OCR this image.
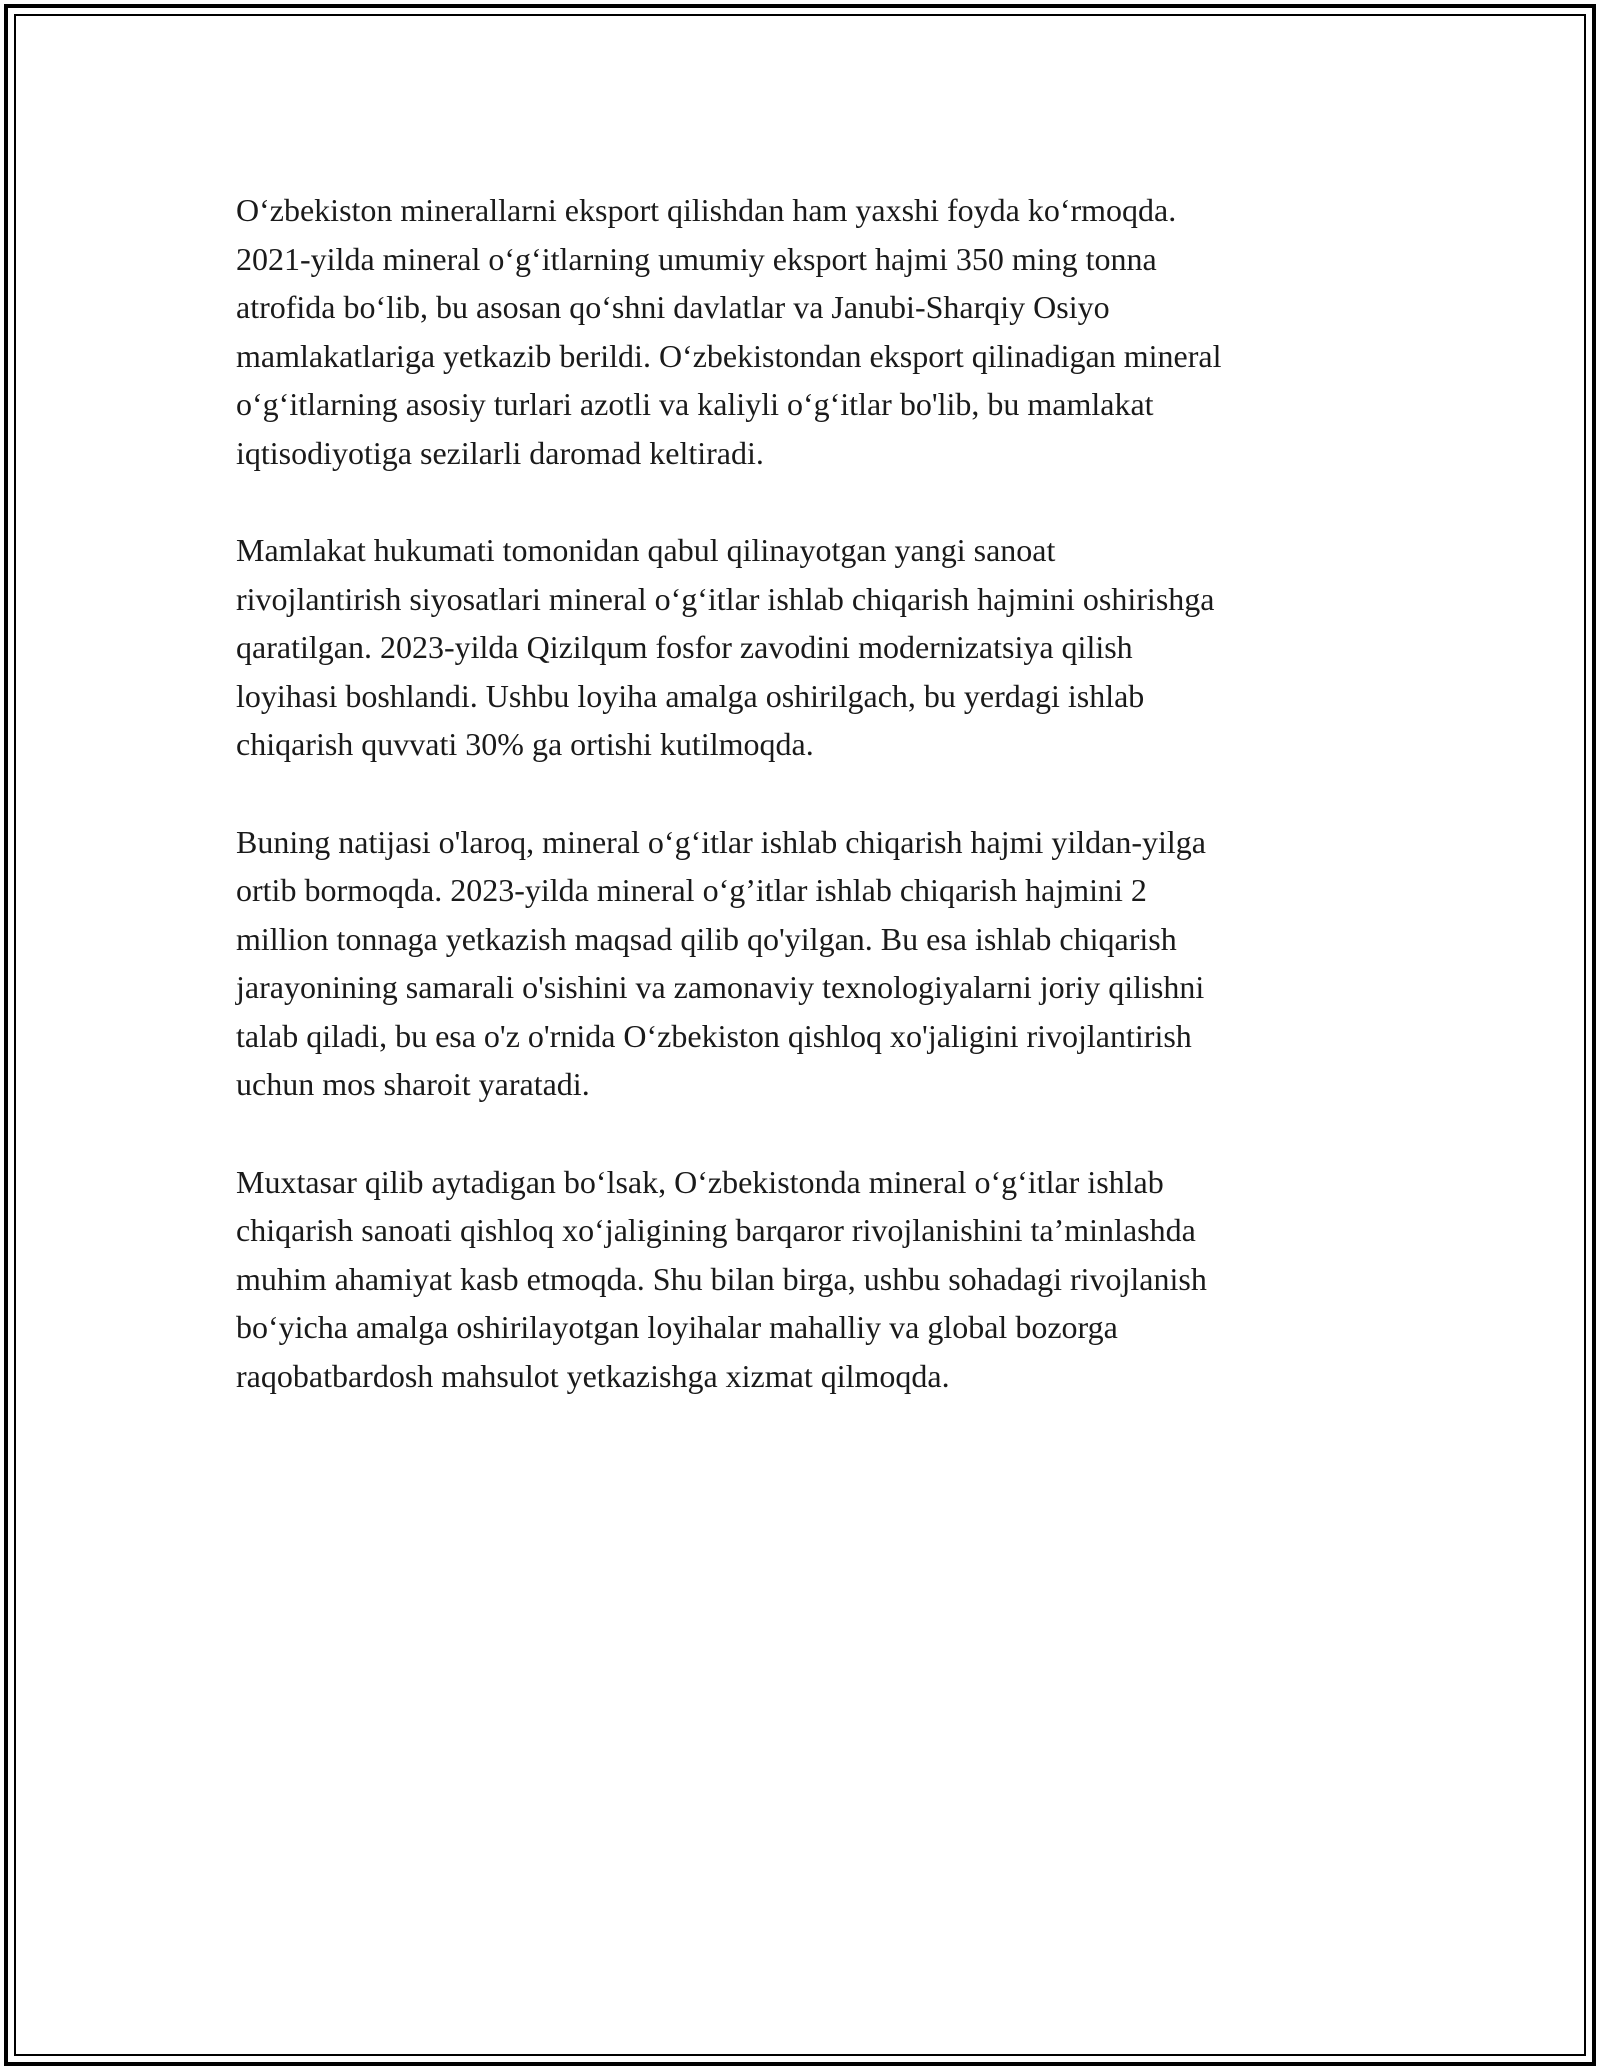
O‘zbekiston minerallarni eksport qilishdan ham yaxshi foyda ko‘rmoqda.
2021-yilda mineral o‘g‘itlarning umumiy eksport hajmi 350 ming tonna
atrofida bo‘lib, bu asosan qo‘shni davlatlar va Janubi-Sharqiy Osiyo
mamlakatlariga yetkazib berildi. O‘zbekistondan eksport qilinadigan mineral
o‘g‘itlarning asosiy turlari azotli va kaliyli o‘g‘itlar bo'lib, bu mamlakat
iqtisodiyotiga sezilarli daromad keltiradi.

Mamlakat hukumati tomonidan qabul qilinayotgan yangi sanoat
rivojlantirish siyosatlari mineral o‘g‘itlar ishlab chiqarish hajmini oshirishga
qaratilgan. 2023-yilda Qizilqum fosfor zavodini modernizatsiya qilish
loyihasi boshlandi. Ushbu loyiha amalga oshirilgach, bu yerdagi ishlab
chiqarish quvvati 30% ga ortishi kutilmoqda.

Buning natijasi o'laroq, mineral o‘g‘itlar ishlab chiqarish hajmi yildan-yilga
ortib bormoqda. 2023-yilda mineral o‘g’itlar ishlab chiqarish hajmini 2
million tonnaga yetkazish maqsad qilib qo'yilgan. Bu esa ishlab chiqarish
jarayonining samarali o'sishini va zamonaviy texnologiyalarni joriy qilishni
talab qiladi, bu esa o'z o'rnida O‘zbekiston qishloq xo'jaligini rivojlantirish
uchun mos sharoit yaratadi.

Muxtasar qilib aytadigan bo‘lsak, O‘zbekistonda mineral o‘g‘itlar ishlab
chiqarish sanoati qishloq xo‘jaligining barqaror rivojlanishini ta’minlashda
muhim ahamiyat kasb etmoqda. Shu bilan birga, ushbu sohadagi rivojlanish
bo‘yicha amalga oshirilayotgan loyihalar mahalliy va global bozorga
raqobatbardosh mahsulot yetkazishga xizmat qilmoqda.
